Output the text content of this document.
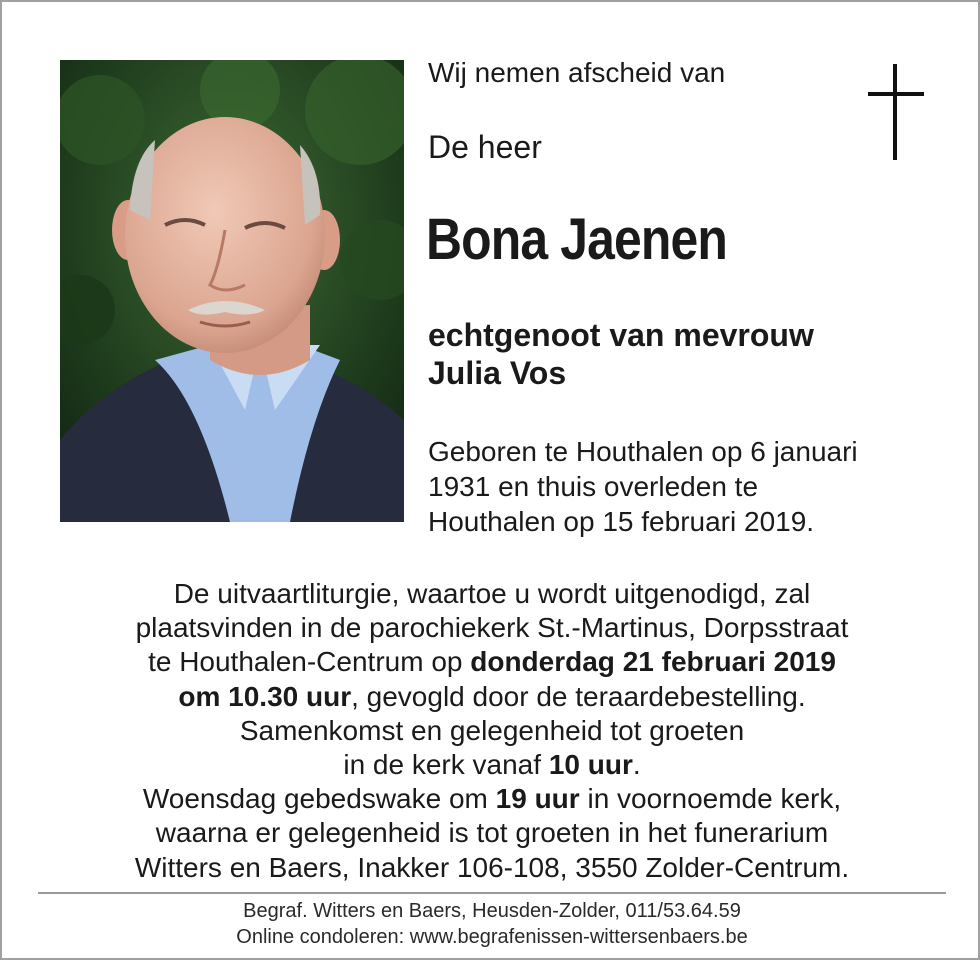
Wij nemen afscheid van
De heer
Bona Jaenen
echtgenoot van mevrouw
Julia Vos
Geboren te Houthalen op 6 januari
1931 en thuis overleden te
Houthalen op 15 februari 2019.
De uitvaartliturgie, waartoe u wordt uitgenodigd, zal
plaatsvinden in de parochiekerk St.-Martinus, Dorpsstraat
te Houthalen-Centrum op donderdag 21 februari 2019
om 10.30 uur, gevogld door de teraardebestelling.
Samenkomst en gelegenheid tot groeten
in de kerk vanaf 10 uur.
Woensdag gebedswake om 19 uur in voornoemde kerk,
waarna er gelegenheid is tot groeten in het funerarium
Witters en Baers, Inakker 106-108, 3550 Zolder-Centrum.
Begraf. Witters en Baers, Heusden-Zolder, 011/53.64.59
Online condoleren: www.begrafenissen-wittersenbaers.be
